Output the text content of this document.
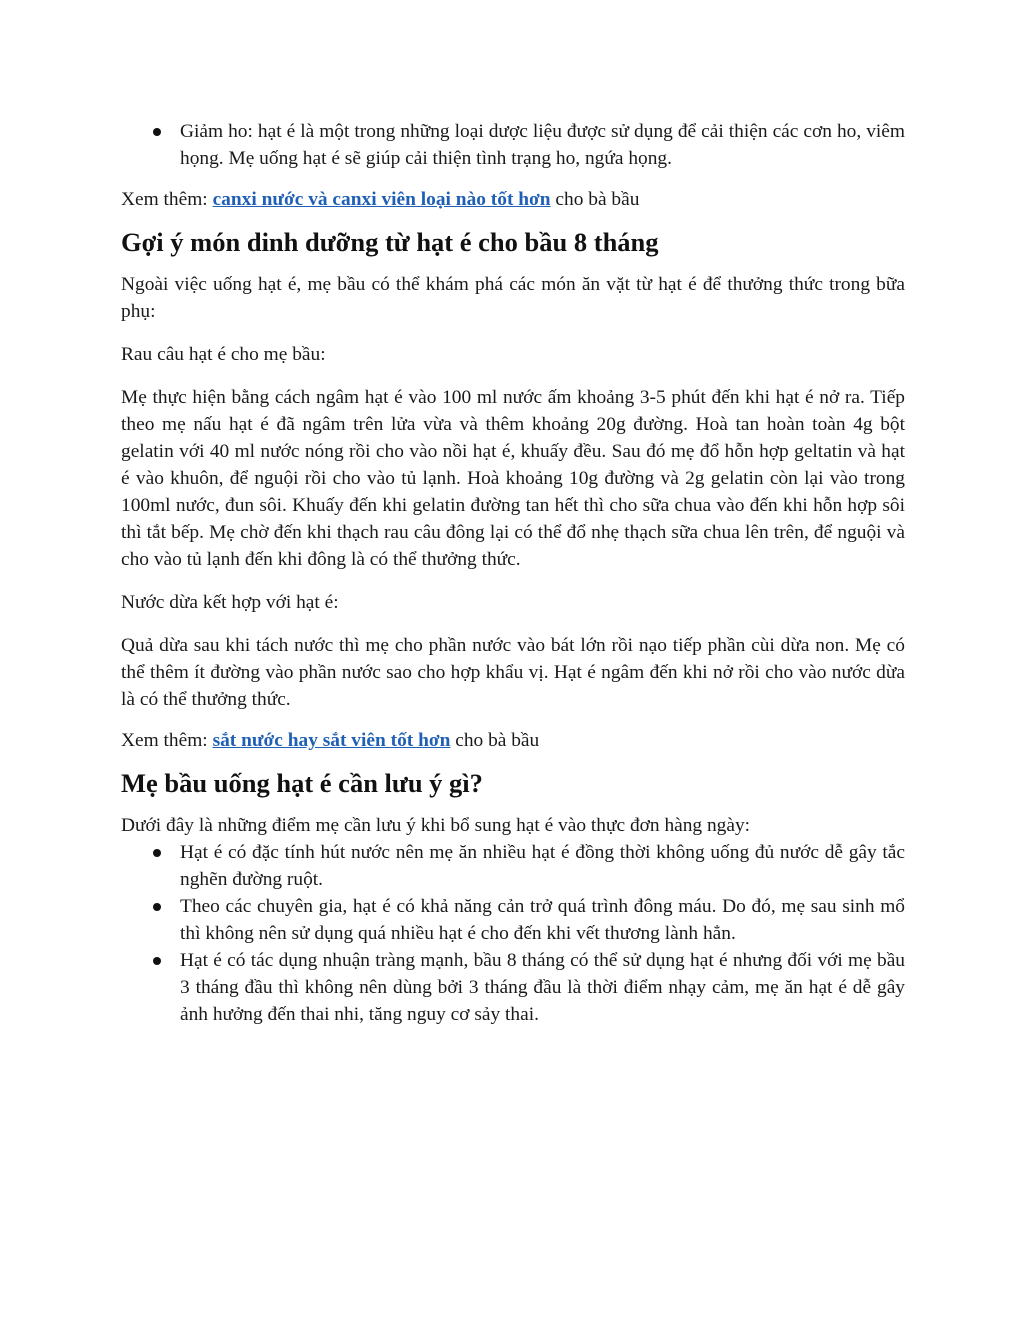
Giảm ho: hạt é là một trong những loại dược liệu được sử dụng để cải thiện các cơn ho, viêm họng. Mẹ uống hạt é sẽ giúp cải thiện tình trạng ho, ngứa họng.

Xem thêm: canxi nước và canxi viên loại nào tốt hơn cho bà bầu

Gợi ý món dinh dưỡng từ hạt é cho bầu 8 tháng

Ngoài việc uống hạt é, mẹ bầu có thể khám phá các món ăn vặt từ hạt é để thưởng thức trong bữa phụ:

Rau câu hạt é cho mẹ bầu:

Mẹ thực hiện bằng cách ngâm hạt é vào 100 ml nước ấm khoảng 3-5 phút đến khi hạt é nở ra. Tiếp theo mẹ nấu hạt é đã ngâm trên lửa vừa và thêm khoảng 20g đường. Hoà tan hoàn toàn 4g bột gelatin với 40 ml nước nóng rồi cho vào nồi hạt é, khuấy đều. Sau đó mẹ đổ hỗn hợp geltatin và hạt é vào khuôn, để nguội rồi cho vào tủ lạnh. Hoà khoảng 10g đường và 2g gelatin còn lại vào trong 100ml nước, đun sôi. Khuấy đến khi gelatin đường tan hết thì cho sữa chua vào đến khi hỗn hợp sôi thì tắt bếp. Mẹ chờ đến khi thạch rau câu đông lại có thể đổ nhẹ thạch sữa chua lên trên, để nguội và cho vào tủ lạnh đến khi đông là có thể thưởng thức.

Nước dừa kết hợp với hạt é:

Quả dừa sau khi tách nước thì mẹ cho phần nước vào bát lớn rồi nạo tiếp phần cùi dừa non. Mẹ có thể thêm ít đường vào phần nước sao cho hợp khẩu vị. Hạt é ngâm đến khi nở rồi cho vào nước dừa là có thể thưởng thức.

Xem thêm: sắt nước hay sắt viên tốt hơn cho bà bầu

Mẹ bầu uống hạt é cần lưu ý gì?

Dưới đây là những điểm mẹ cần lưu ý khi bổ sung hạt é vào thực đơn hàng ngày:

Hạt é có đặc tính hút nước nên mẹ ăn nhiều hạt é đồng thời không uống đủ nước dễ gây tắc nghẽn đường ruột.
Theo các chuyên gia, hạt é có khả năng cản trở quá trình đông máu. Do đó, mẹ sau sinh mổ thì không nên sử dụng quá nhiều hạt é cho đến khi vết thương lành hẳn.
Hạt é có tác dụng nhuận tràng mạnh, bầu 8 tháng có thể sử dụng hạt é nhưng đối với mẹ bầu 3 tháng đầu thì không nên dùng bởi 3 tháng đầu là thời điểm nhạy cảm, mẹ ăn hạt é dễ gây ảnh hưởng đến thai nhi, tăng nguy cơ sảy thai.
